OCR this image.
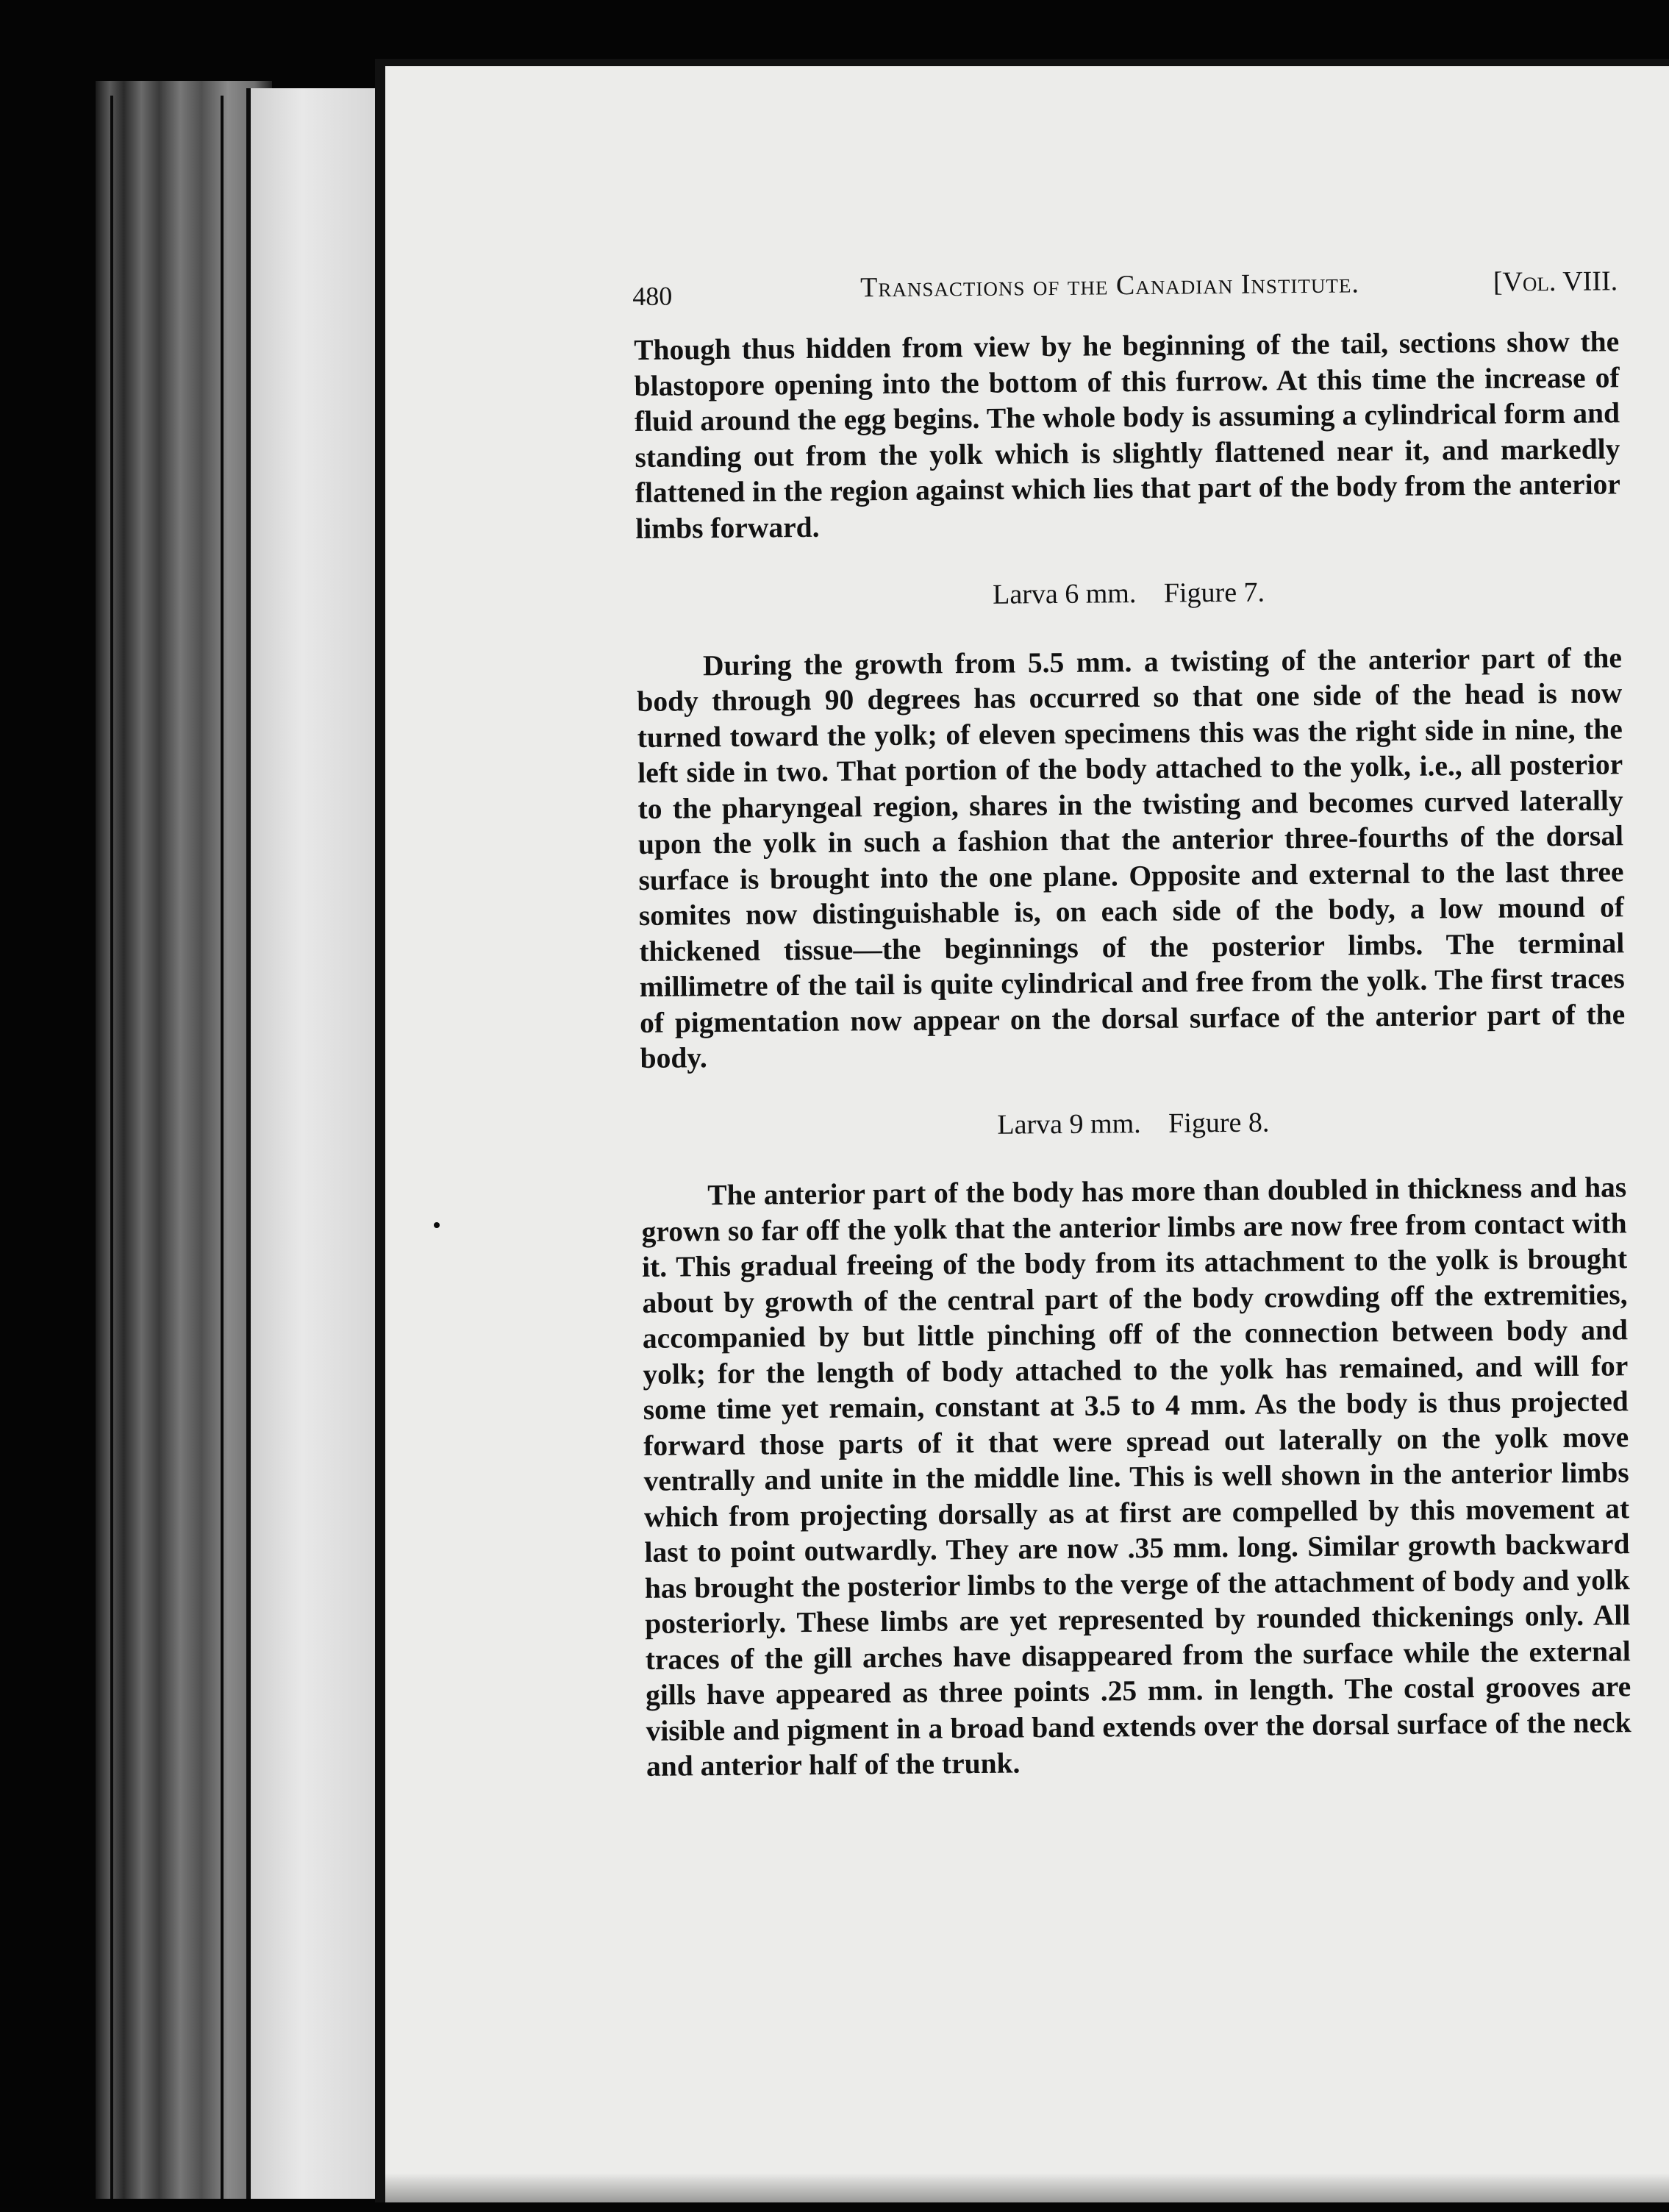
480	Transactions of the Canadian Institute.	[Vol. VIII.

Though thus hidden from view by he beginning of the tail, sections show the blastopore opening into the bottom of this furrow. At this time the increase of fluid around the egg begins. The whole body is assuming a cylindrical form and standing out from the yolk which is slightly flattened near it, and markedly flattened in the region against which lies that part of the body from the anterior limbs forward.

Larva 6 mm. Figure 7.

During the growth from 5.5 mm. a twisting of the anterior part of the body through 90 degrees has occurred so that one side of the head is now turned toward the yolk; of eleven specimens this was the right side in nine, the left side in two. That portion of the body attached to the yolk, i.e., all posterior to the pharyngeal region, shares in the twisting and becomes curved laterally upon the yolk in such a fashion that the anterior three-fourths of the dorsal surface is brought into the one plane. Opposite and external to the last three somites now distinguishable is, on each side of the body, a low mound of thickened tissue—the beginnings of the posterior limbs. The terminal millimetre of the tail is quite cylindrical and free from the yolk. The first traces of pigmentation now appear on the dorsal surface of the anterior part of the body.

Larva 9 mm. Figure 8.

The anterior part of the body has more than doubled in thickness and has grown so far off the yolk that the anterior limbs are now free from contact with it. This gradual freeing of the body from its attachment to the yolk is brought about by growth of the central part of the body crowding off the extremities, accompanied by but little pinching off of the connection between body and yolk; for the length of body attached to the yolk has remained, and will for some time yet remain, constant at 3.5 to 4 mm. As the body is thus projected forward those parts of it that were spread out laterally on the yolk move ventrally and unite in the middle line. This is well shown in the anterior limbs which from projecting dorsally as at first are compelled by this movement at last to point outwardly. They are now .35 mm. long. Similar growth backward has brought the posterior limbs to the verge of the attachment of body and yolk posteriorly. These limbs are yet represented by rounded thickenings only. All traces of the gill arches have disappeared from the surface while the external gills have appeared as three points .25 mm. in length. The costal grooves are visible and pigment in a broad band extends over the dorsal surface of the neck and anterior half of the trunk.
